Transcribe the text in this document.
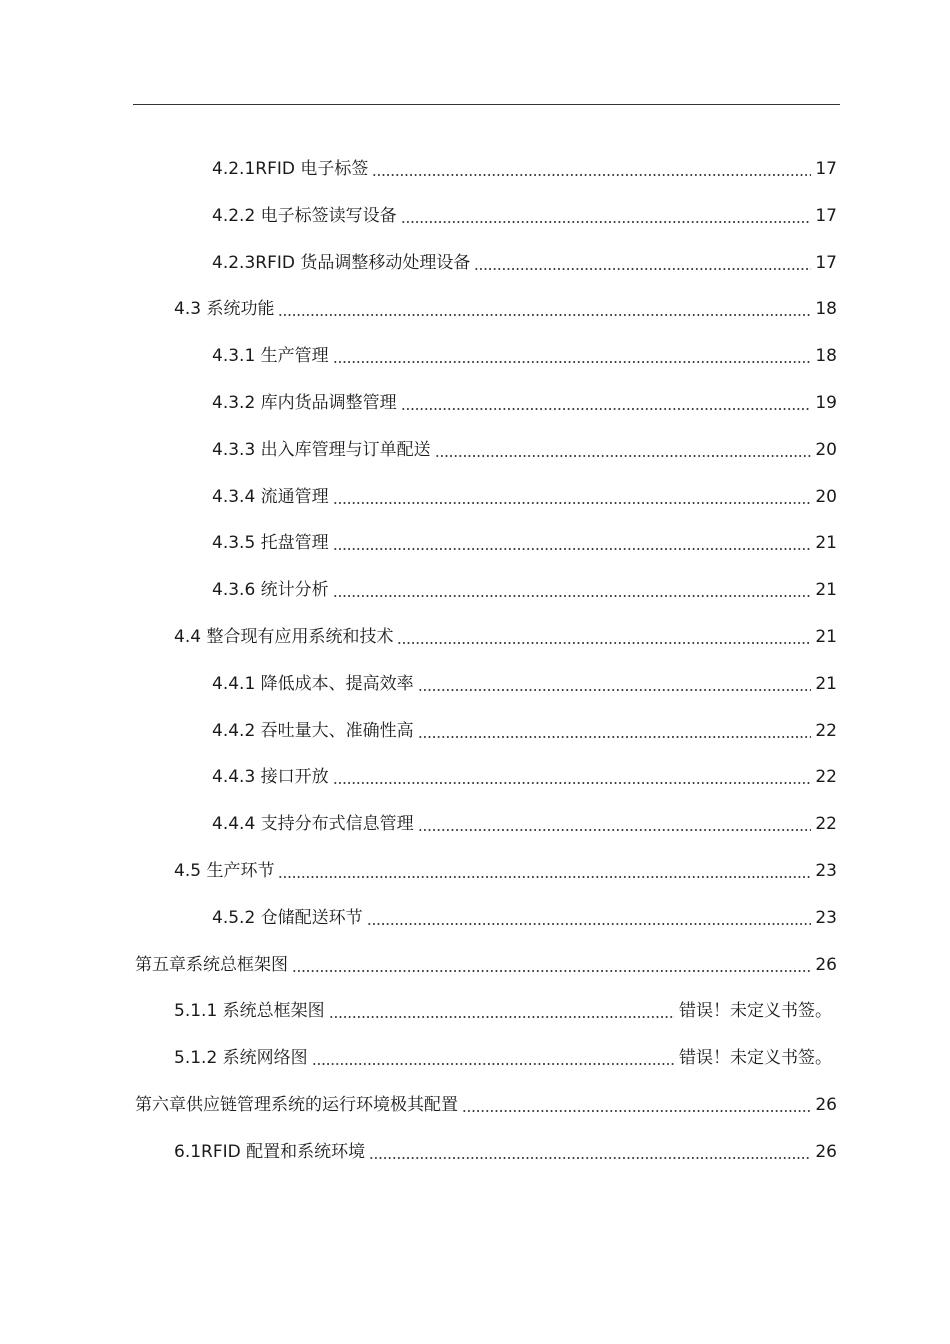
4.2.1RFID 电子标签	17
4.2.2 电子标签读写设备	17
4.2.3RFID 货品调整移动处理设备	17
4.3 系统功能	18
4.3.1 生产管理	18
4.3.2 库内货品调整管理	19
4.3.3 出入库管理与订单配送	20
4.3.4 流通管理	20
4.3.5 托盘管理	21
4.3.6 统计分析	21
4.4 整合现有应用系统和技术	21
4.4.1 降低成本、提高效率	21
4.4.2 吞吐量大、准确性高	22
4.4.3 接口开放	22
4.4.4 支持分布式信息管理	22
4.5 生产环节	23
4.5.2 仓储配送环节	23
第五章系统总框架图	26
5.1.1 系统总框架图	错误！未定义书签。
5.1.2 系统网络图	错误！未定义书签。
第六章供应链管理系统的运行环境极其配置	26
6.1RFID 配置和系统环境	26
